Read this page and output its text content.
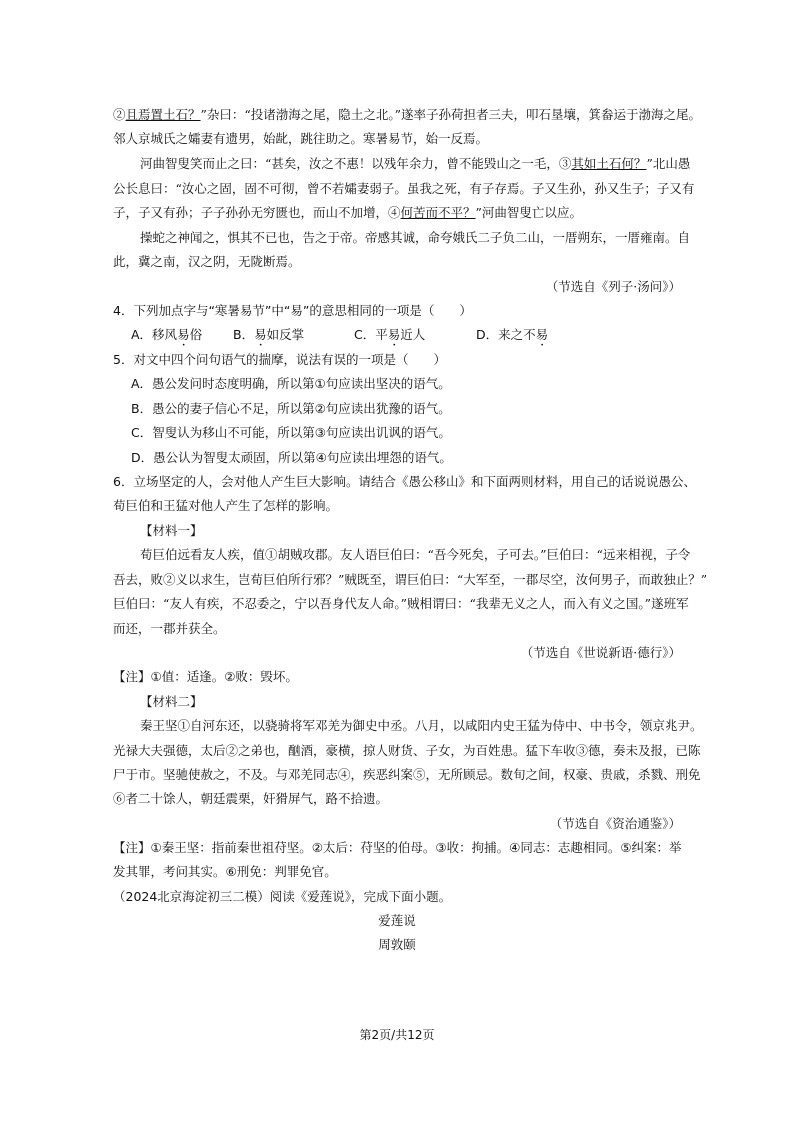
②且焉置土石？”杂曰：“投诸渤海之尾，隐土之北。”遂率子孙荷担者三夫，叩石垦壤，箕畚运于渤海之尾。
邻人京城氏之孀妻有遗男，始龀，跳往助之。寒暑易节，始一反焉。
河曲智叟笑而止之曰：“甚矣，汝之不惠！以残年余力，曾不能毁山之一毛，③其如土石何？”北山愚
公长息曰：“汝心之固，固不可彻，曾不若孀妻弱子。虽我之死，有子存焉。子又生孙，孙又生子；子又有
子，子又有孙；子子孙孙无穷匮也，而山不加增，④何苦而不平？”河曲智叟亡以应。
操蛇之神闻之，惧其不已也，告之于帝。帝感其诚，命夸娥氏二子负二山，一厝朔东，一厝雍南。自
此，冀之南，汉之阴，无陇断焉。
（节选自《列子·汤问》）
4．下列加点字与“寒暑易节”中“易”的意思相同的一项是（　　）
A．移风易俗 B．易如反掌	C．平易近人	D．来之不易
5．对文中四个问句语气的揣摩，说法有误的一项是（　　）
A．愚公发问时态度明确，所以第①句应读出坚决的语气。
B．愚公的妻子信心不足，所以第②句应读出犹豫的语气。
C．智叟认为移山不可能，所以第③句应读出讥讽的语气。
D．愚公认为智叟太顽固，所以第④句应读出埋怨的语气。
6．立场坚定的人，会对他人产生巨大影响。请结合《愚公移山》和下面两则材料，用自己的话说说愚公、
荀巨伯和王猛对他人产生了怎样的影响。
【材料一】
荀巨伯远看友人疾，值①胡贼攻郡。友人语巨伯曰：“吾今死矣，子可去。”巨伯曰：“远来相视，子令
吾去，败②义以求生，岂荀巨伯所行邪？”贼既至，谓巨伯曰：“大军至，一郡尽空，汝何男子，而敢独止？”
巨伯曰：“友人有疾，不忍委之，宁以吾身代友人命。”贼相谓曰：“我辈无义之人，而入有义之国。”遂班军
而还，一郡并获全。
（节选自《世说新语·德行》）
【注】①值：适逢。②败：毁坏。
【材料二】
秦王坚①自河东还，以骁骑将军邓羌为御史中丞。八月，以咸阳内史王猛为侍中、中书令，领京兆尹。
光禄大夫强德，太后②之弟也，酗酒，豪横，掠人财货、子女，为百姓患。猛下车收③德，奏未及报，已陈
尸于市。坚驰使赦之，不及。与邓羌同志④，疾恶纠案⑤，无所顾忌。数旬之间，权豪、贵戚，杀戮、刑免
⑥者二十馀人，朝廷震栗，奸猾屏气，路不拾遗。
（节选自《资治通鉴》）
【注】①秦王坚：指前秦世祖苻坚。②太后：苻坚的伯母。③收：拘捕。④同志：志趣相同。⑤纠案：举
发其罪，考问其实。⑥刑免：判罪免官。
（2024北京海淀初三二模）阅读《爱莲说》，完成下面小题。
爱莲说
周敦颐
第2页/共12页
